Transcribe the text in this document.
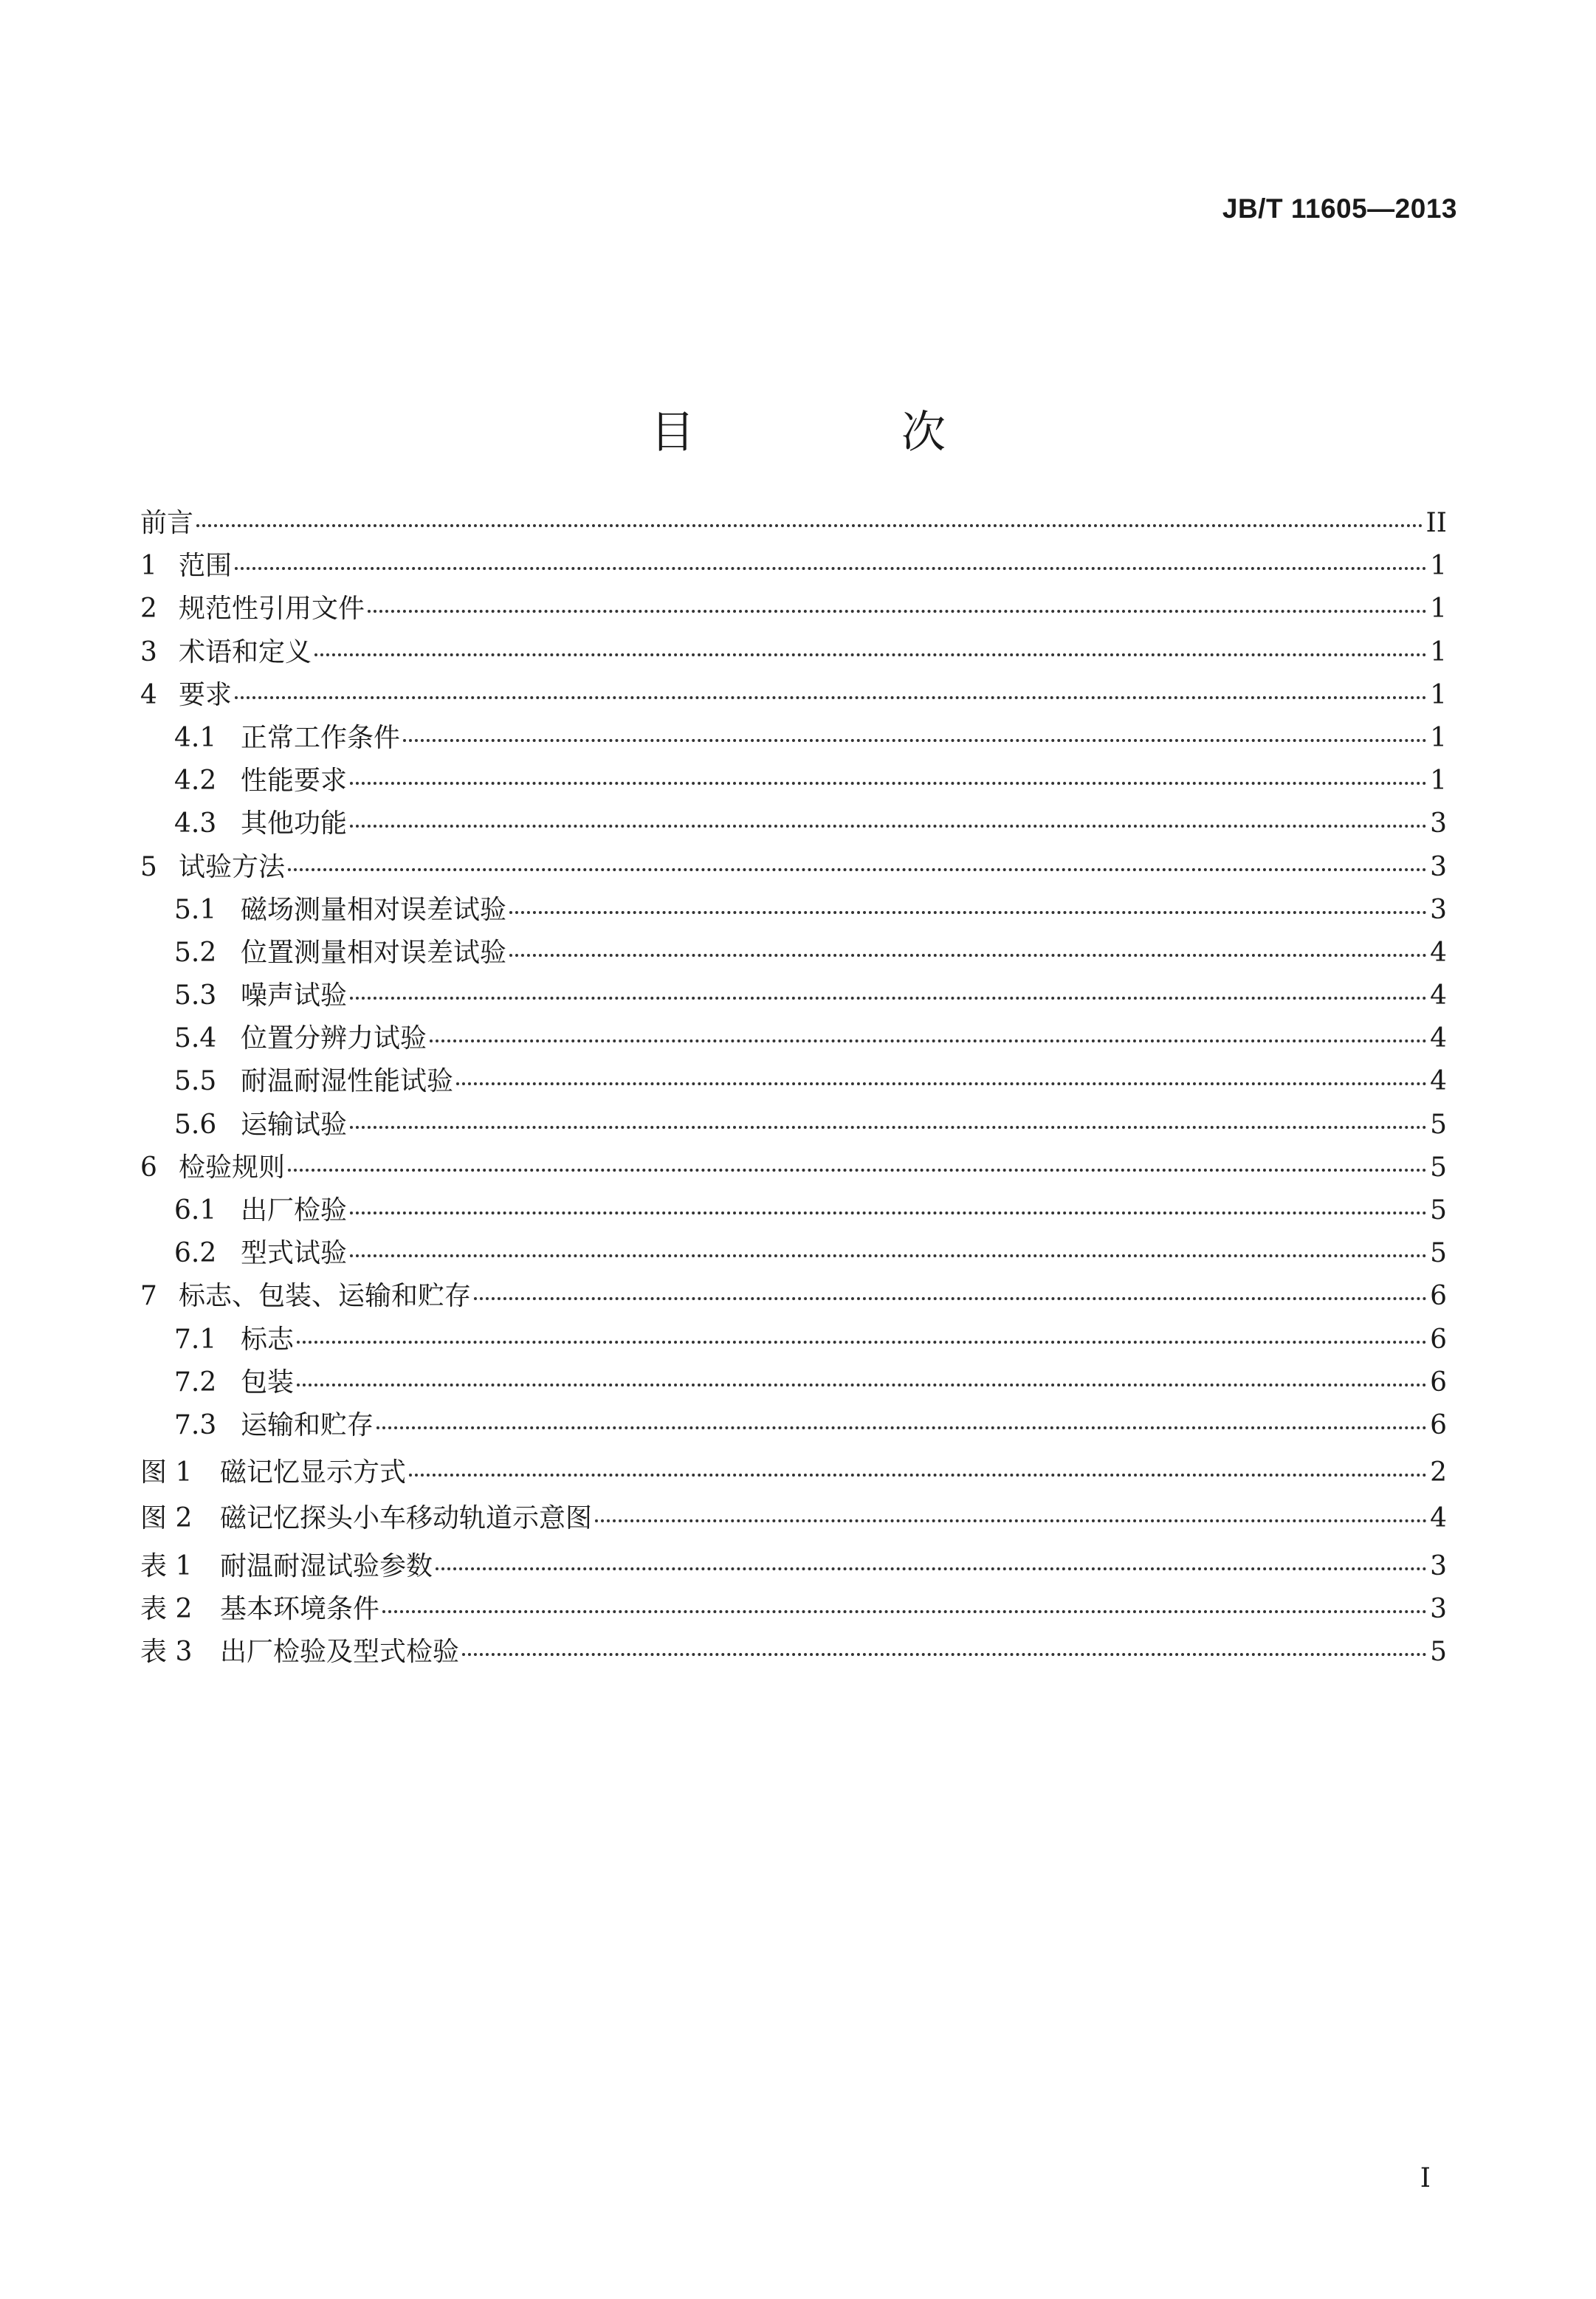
JB/T 11605—2013
目　次
前言	II
1 范围	1
2 规范性引用文件	1
3 术语和定义	1
4 要求	1
4.1 正常工作条件	1
4.2 性能要求	1
4.3 其他功能	3
5 试验方法	3
5.1 磁场测量相对误差试验	3
5.2 位置测量相对误差试验	4
5.3 噪声试验	4
5.4 位置分辨力试验	4
5.5 耐温耐湿性能试验	4
5.6 运输试验	5
6 检验规则	5
6.1 出厂检验	5
6.2 型式试验	5
7 标志、包装、运输和贮存	6
7.1 标志	6
7.2 包装	6
7.3 运输和贮存	6
图 1	磁记忆显示方式	2
图 2	磁记忆探头小车移动轨道示意图	4
表 1	耐温耐湿试验参数	3
表 2	基本环境条件	3
表 3	出厂检验及型式检验	5
I
